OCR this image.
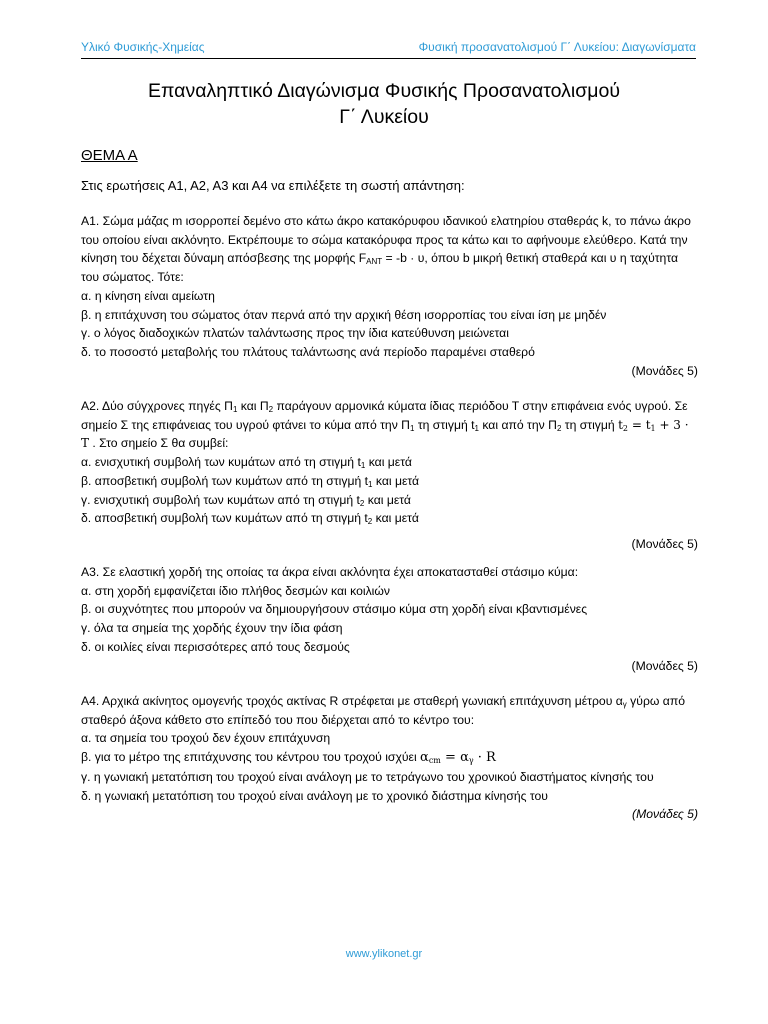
Υλικό Φυσικής-Χημείας	Φυσική προσανατολισμού Γ΄ Λυκείου: Διαγωνίσματα
Επαναληπτικό Διαγώνισμα Φυσικής Προσανατολισμού
Γ΄ Λυκείου
ΘΕΜΑ Α
Στις ερωτήσεις Α1, Α2, Α3 και Α4 να επιλέξετε τη σωστή απάντηση:

Α1. Σώμα μάζας m ισορροπεί δεμένο στο κάτω άκρο κατακόρυφου ιδανικού ελατηρίου σταθεράς k, το πάνω άκρο του οποίου είναι ακλόνητο. Εκτρέπουμε το σώμα κατακόρυφα προς τα κάτω και το αφήνουμε ελεύθερο. Κατά την κίνηση του δέχεται δύναμη απόσβεσης της μορφής $F_{ANT} = -b \cdot \upsilon$, όπου b μικρή θετική σταθερά και υ η ταχύτητα του σώματος. Τότε:

α. η κίνηση είναι αμείωτη

β. η επιτάχυνση του σώματος όταν περνά από την αρχική θέση ισορροπίας του είναι ίση με μηδέν

γ. ο λόγος διαδοχικών πλατών ταλάντωσης προς την ίδια κατεύθυνση μειώνεται

δ. το ποσοστό μεταβολής του πλάτους ταλάντωσης ανά περίοδο παραμένει σταθερό

(Μονάδες 5)

Α2. Δύο σύγχρονες πηγές $\Pi_1$ και $\Pi_2$ παράγουν αρμονικά κύματα ίδιας περιόδου Τ στην επιφάνεια ενός υγρού. Σε σημείο Σ της επιφάνειας του υγρού φτάνει το κύμα από την $\Pi_1$ τη στιγμή $t_1$ και από την $\Pi_2$ τη στιγμή $t_2 = t_1 + 3 \cdot T$ . Στο σημείο Σ θα συμβεί:

α. ενισχυτική συμβολή των κυμάτων από τη στιγμή $t_1$ και μετά

β. αποσβετική συμβολή των κυμάτων από τη στιγμή $t_1$ και μετά

γ. ενισχυτική συμβολή των κυμάτων από τη στιγμή $t_2$ και μετά

δ. αποσβετική συμβολή των κυμάτων από τη στιγμή $t_2$ και μετά

(Μονάδες 5)

Α3. Σε ελαστική χορδή της οποίας τα άκρα είναι ακλόνητα έχει αποκατασταθεί στάσιμο κύμα:

α. στη χορδή εμφανίζεται ίδιο πλήθος δεσμών και κοιλιών

β. οι συχνότητες που μπορούν να δημιουργήσουν στάσιμο κύμα στη χορδή είναι κβαντισμένες

γ. όλα τα σημεία της χορδής έχουν την ίδια φάση

δ. οι κοιλίες είναι περισσότερες από τους δεσμούς

(Μονάδες 5)

Α4. Αρχικά ακίνητος ομογενής τροχός ακτίνας R στρέφεται με σταθερή γωνιακή επιτάχυνση μέτρου $\alpha_\gamma$ γύρω από σταθερό άξονα κάθετο στο επίπεδό του που διέρχεται από το κέντρο του:

α. τα σημεία του τροχού δεν έχουν επιτάχυνση

β. για το μέτρο της επιτάχυνσης του κέντρου του τροχού ισχύει $\alpha_{cm} = \alpha_\gamma \cdot R$

γ. η γωνιακή μετατόπιση του τροχού είναι ανάλογη με το τετράγωνο του χρονικού διαστήματος κίνησής του

δ. η γωνιακή μετατόπιση του τροχού είναι ανάλογη με το χρονικό διάστημα κίνησής του

(Μονάδες 5)

www.ylikonet.gr
